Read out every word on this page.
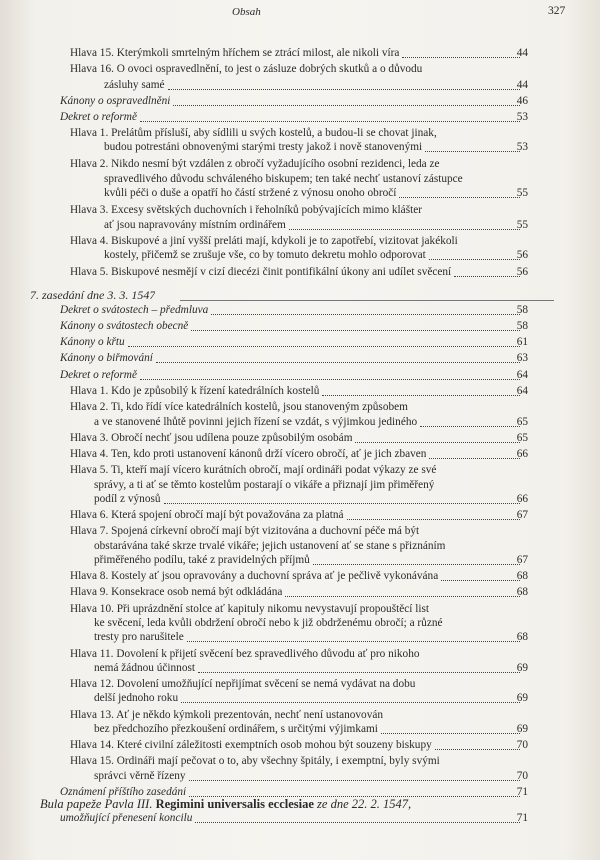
Obsah	327
Hlava 15. Kterýmkoli smrtelným hříchem se ztrácí milost, ale nikoli víra	44
Hlava 16. O ovoci ospravedlnění, to jest o zásluze dobrých skutků a o důvodu
zásluhy samé	44
Kánony o ospravedlnění	46
Dekret o reformě	53
Hlava 1. Prelátům přísluší, aby sídlili u svých kostelů, a budou-li se chovat jinak,
budou potrestáni obnovenými starými tresty jakož i nově stanovenými	53
Hlava 2. Nikdo nesmí být vzdálen z obročí vyžadujícího osobní rezidenci, leda ze
spravedlivého důvodu schváleného biskupem; ten také nechť ustanoví zástupce
kvůli péči o duše a opatří ho částí stržené z výnosu onoho obročí	55
Hlava 3. Excesy světských duchovních i řeholníků pobývajících mimo klášter
ať jsou napravovány místním ordinářem	55
Hlava 4. Biskupové a jiní vyšší preláti mají, kdykoli je to zapotřebí, vizitovat jakékoli
kostely, přičemž se zrušuje vše, co by tomuto dekretu mohlo odporovat	56
Hlava 5. Biskupové nesmějí v cizí diecézi činit pontifikální úkony ani udílet svěcení	56
7. zasedání dne 3. 3. 1547
Dekret o svátostech – předmluva	58
Kánony o svátostech obecně	58
Kánony o křtu	61
Kánony o biřmování	63
Dekret o reformě	64
Hlava 1. Kdo je způsobilý k řízení katedrálních kostelů	64
Hlava 2. Ti, kdo řídí více katedrálních kostelů, jsou stanoveným způsobem
a ve stanovené lhůtě povinni jejich řízení se vzdát, s výjimkou jediného	65
Hlava 3. Obročí nechť jsou udílena pouze způsobilým osobám	65
Hlava 4. Ten, kdo proti ustanovení kánonů drží vícero obročí, ať je jich zbaven	66
Hlava 5. Ti, kteří mají vícero kurátních obročí, mají ordináři podat výkazy ze své
správy, a ti ať se těmto kostelům postarají o vikáře a přiznají jim přiměřený
podíl z výnosů	66
Hlava 6. Která spojení obročí mají být považována za platná	67
Hlava 7. Spojená církevní obročí mají být vizitována a duchovní péče má být
obstarávána také skrze trvalé vikáře; jejich ustanovení ať se stane s přiznáním
přiměřeného podílu, také z pravidelných příjmů	67
Hlava 8. Kostely ať jsou opravovány a duchovní správa ať je pečlivě vykonávána	68
Hlava 9. Konsekrace osob nemá být odkládána	68
Hlava 10. Při uprázdnění stolce ať kapituly nikomu nevystavují propouštěcí list
ke svěcení, leda kvůli obdržení obročí nebo k již obdrženému obročí; a různé
tresty pro narušitele	68
Hlava 11. Dovolení k přijetí svěcení bez spravedlivého důvodu ať pro nikoho
nemá žádnou účinnost	69
Hlava 12. Dovolení umožňující nepřijímat svěcení se nemá vydávat na dobu
delší jednoho roku	69
Hlava 13. Ať je někdo kýmkoli prezentován, nechť není ustanovován
bez předchozího přezkoušení ordinářem, s určitými výjimkami	69
Hlava 14. Které civilní záležitosti exemptních osob mohou být souzeny biskupy	70
Hlava 15. Ordináři mají pečovat o to, aby všechny špitály, i exemptní, byly svými
správci věrně řízeny	70
Oznámení příštího zasedání	71
Bula papeže Pavla III. Regimini universalis ecclesiae ze dne 22. 2. 1547,
umožňující přenesení koncilu	71
